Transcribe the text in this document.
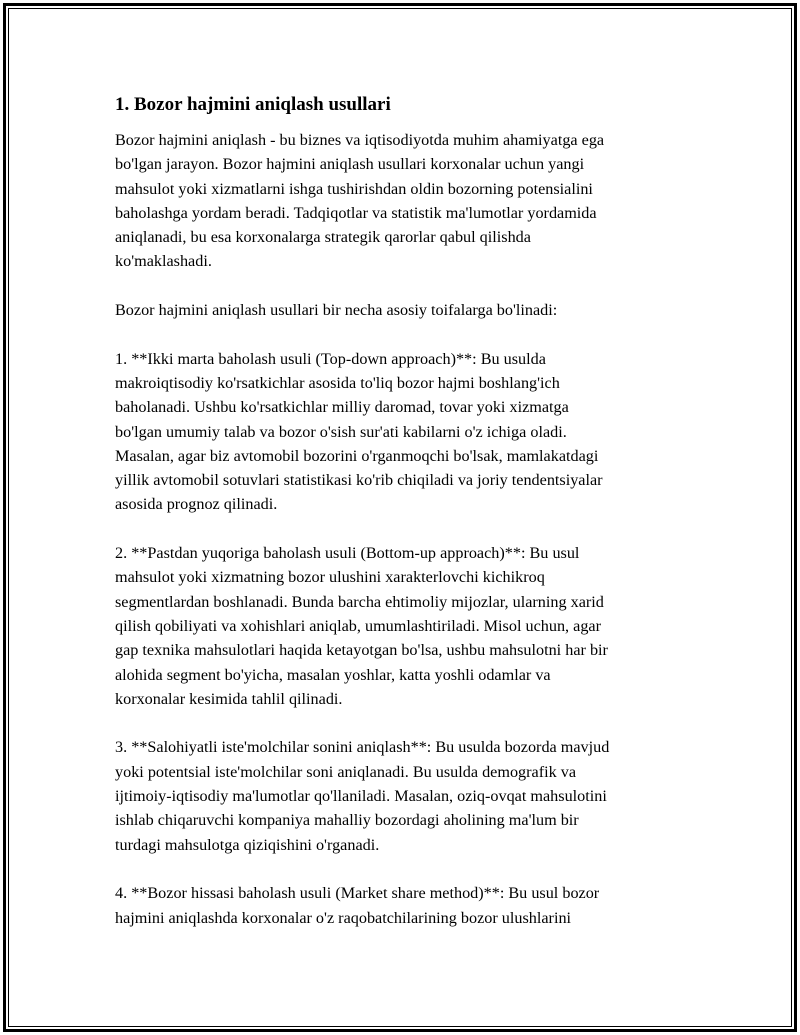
1. Bozor hajmini aniqlash usullari

Bozor hajmini aniqlash - bu biznes va iqtisodiyotda muhim ahamiyatga ega
bo'lgan jarayon. Bozor hajmini aniqlash usullari korxonalar uchun yangi
mahsulot yoki xizmatlarni ishga tushirishdan oldin bozorning potensialini
baholashga yordam beradi. Tadqiqotlar va statistik ma'lumotlar yordamida
aniqlanadi, bu esa korxonalarga strategik qarorlar qabul qilishda
ko'maklashadi.

Bozor hajmini aniqlash usullari bir necha asosiy toifalarga bo'linadi:

1. **Ikki marta baholash usuli (Top-down approach)**: Bu usulda
makroiqtisodiy ko'rsatkichlar asosida to'liq bozor hajmi boshlang'ich
baholanadi. Ushbu ko'rsatkichlar milliy daromad, tovar yoki xizmatga
bo'lgan umumiy talab va bozor o'sish sur'ati kabilarni o'z ichiga oladi.
Masalan, agar biz avtomobil bozorini o'rganmoqchi bo'lsak, mamlakatdagi
yillik avtomobil sotuvlari statistikasi ko'rib chiqiladi va joriy tendentsiyalar
asosida prognoz qilinadi.

2. **Pastdan yuqoriga baholash usuli (Bottom-up approach)**: Bu usul
mahsulot yoki xizmatning bozor ulushini xarakterlovchi kichikroq
segmentlardan boshlanadi. Bunda barcha ehtimoliy mijozlar, ularning xarid
qilish qobiliyati va xohishlari aniqlab, umumlashtiriladi. Misol uchun, agar
gap texnika mahsulotlari haqida ketayotgan bo'lsa, ushbu mahsulotni har bir
alohida segment bo'yicha, masalan yoshlar, katta yoshli odamlar va
korxonalar kesimida tahlil qilinadi.

3. **Salohiyatli iste'molchilar sonini aniqlash**: Bu usulda bozorda mavjud
yoki potentsial iste'molchilar soni aniqlanadi. Bu usulda demografik va
ijtimoiy-iqtisodiy ma'lumotlar qo'llaniladi. Masalan, oziq-ovqat mahsulotini
ishlab chiqaruvchi kompaniya mahalliy bozordagi aholining ma'lum bir
turdagi mahsulotga qiziqishini o'rganadi.

4. **Bozor hissasi baholash usuli (Market share method)**: Bu usul bozor
hajmini aniqlashda korxonalar o'z raqobatchilarining bozor ulushlarini
